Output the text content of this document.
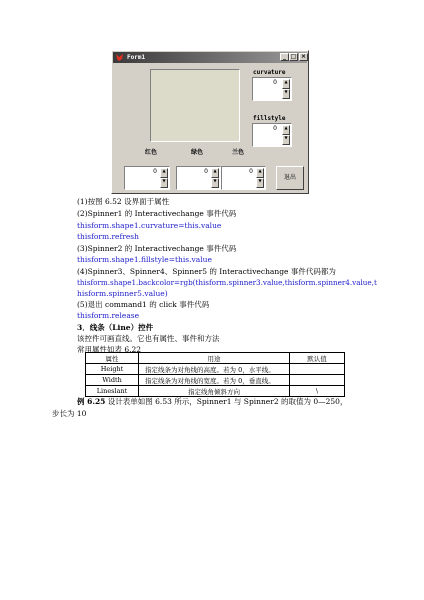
Form1	_ □ ×
curvature
0	▲
▼
fillstyle
0	▲
▼
红色	绿色	兰色
0	▲
▼
0	▲
▼
0	▲
▼	退出
(1)按图 6.52 设界面于属性
(2)Spinner1 的 Interactivechange 事件代码
thisform.shape1.curvature=this.value
thisform.refresh
(3)Spinner2 的 Interactivechange 事件代码
thisform.shape1.fillstyle=this.value
(4)Spinner3、Spinner4、Spinner5 的 Interactivechange 事件代码都为
thisform.shape1.backcolor=rgb(thisform.spinner3.value,thisform.spinner4.value,t
hisform.spinner5.value)
(5)退出 command1 的 click 事件代码
thisform.release
3．线条（Line）控件
该控件可画直线。它也有属性、事件和方法
常用属性如表 6.22
属性	用途	默认值
Height	指定线条为对角线的高度。若为 0，水平线。	
Width	指定线条为对角线的宽度。若为 0，垂直线。	
Lineslant	指定线角倾斜方向	\
例 6.25 设计表单如图 6.53 所示，Spinner1 与 Spinner2 的取值为 0—250，
步长为 10
